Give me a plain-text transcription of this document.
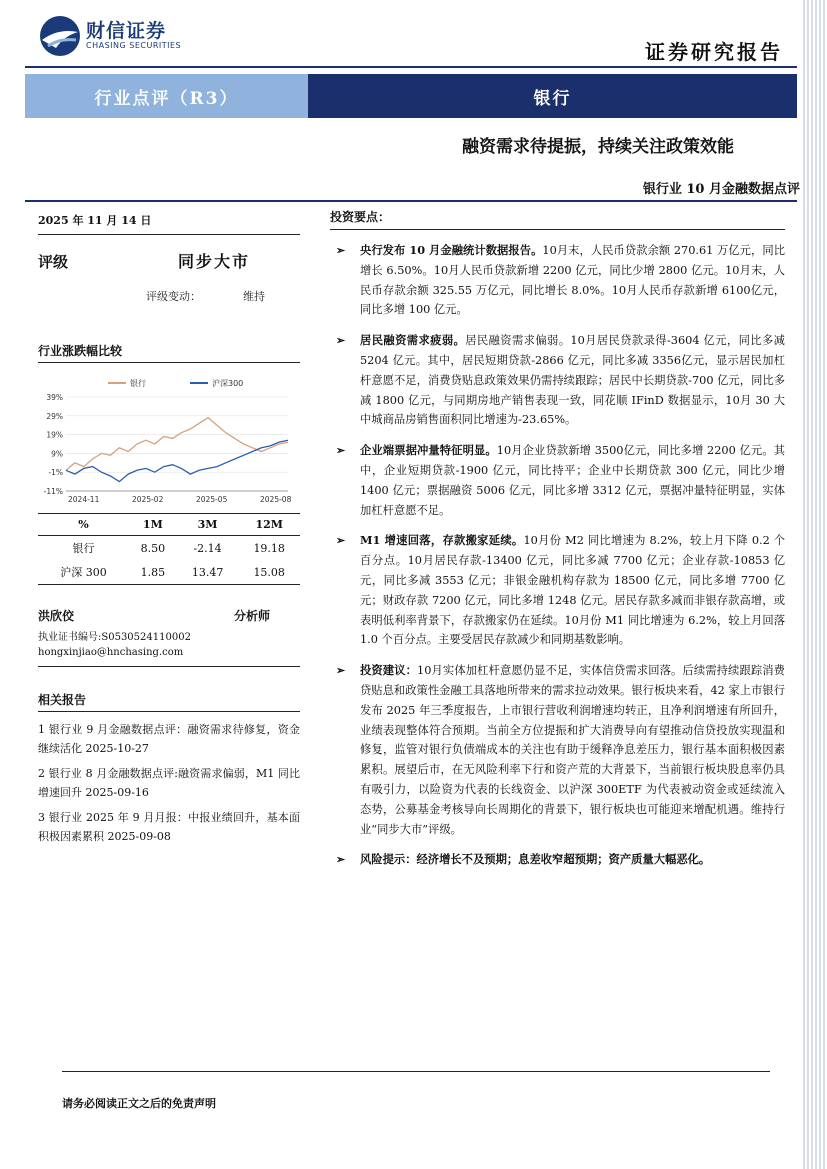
财信证券
CHASING SECURITIES	证券研究报告
行业点评（R3）	银行
融资需求待提振，持续关注政策效能
银行业 10 月金融数据点评
2025 年 11 月 14 日
评级	同步大市
评级变动：	维持
行业涨跌幅比较
银行	沪深300
39%
29%
19%
9%
-1%
-11%
2024-11	2025-02	2025-05	2025-08
%	1M	3M	12M
银行	8.50	-2.14	19.18
沪深 300	1.85	13.47	15.08
洪欣佼	分析师
执业证书编号:S0530524110002
hongxinjiao@hnchasing.com
相关报告

1 银行业 9 月金融数据点评：融资需求待修复，资金继续活化 2025-10-27

2 银行业 8 月金融数据点评:融资需求偏弱，M1 同比增速回升 2025-09-16

3 银行业 2025 年 9 月月报：中报业绩回升，基本面积极因素累积 2025-09-08

投资要点：
➢ 央行发布 10 月金融统计数据报告。10月末，人民币贷款余额 270.61 万亿元，同比增长 6.50%。10月人民币贷款新增 2200 亿元，同比少增 2800 亿元。10月末，人民币存款余额 325.55 万亿元，同比增长 8.0%。10月人民币存款新增 6100亿元，同比多增 100 亿元。
➢ 居民融资需求疲弱。居民融资需求偏弱。10月居民贷款录得-3604 亿元，同比多减 5204 亿元。其中，居民短期贷款-2866 亿元，同比多减 3356亿元，显示居民加杠杆意愿不足，消费贷贴息政策效果仍需持续跟踪；居民中长期贷款-700 亿元，同比多减 1800 亿元，与同期房地产销售表现一致，同花顺 IFinD 数据显示，10月 30 大中城商品房销售面积同比增速为-23.65%。
➢ 企业端票据冲量特征明显。10月企业贷款新增 3500亿元，同比多增 2200 亿元。其中，企业短期贷款-1900 亿元，同比持平；企业中长期贷款 300 亿元，同比少增 1400 亿元；票据融资 5006 亿元，同比多增 3312 亿元，票据冲量特征明显，实体加杠杆意愿不足。
➢ M1 增速回落，存款搬家延续。10月份 M2 同比增速为 8.2%，较上月下降 0.2 个百分点。10月居民存款-13400 亿元，同比多减 7700 亿元；企业存款-10853 亿元，同比多减 3553 亿元；非银金融机构存款为 18500 亿元，同比多增 7700 亿元；财政存款 7200 亿元，同比多增 1248 亿元。居民存款多减而非银存款高增，或表明低利率背景下，存款搬家仍在延续。10月份 M1 同比增速为 6.2%，较上月回落 1.0 个百分点。主要受居民存款减少和同期基数影响。
➢ 投资建议：10月实体加杠杆意愿仍显不足，实体信贷需求回落。后续需持续跟踪消费贷贴息和政策性金融工具落地所带来的需求拉动效果。银行板块来看，42 家上市银行发布 2025 年三季度报告，上市银行营收利润增速均转正，且净利润增速有所回升，业绩表现整体符合预期。当前全方位提振和扩大消费导向有望推动信贷投放实现温和修复，监管对银行负债端成本的关注也有助于缓释净息差压力，银行基本面积极因素累积。展望后市，在无风险利率下行和资产荒的大背景下，当前银行板块股息率仍具有吸引力，以险资为代表的长线资金、以沪深 300ETF 为代表被动资金或延续流入态势，公募基金考核导向长周期化的背景下，银行板块也可能迎来增配机遇。维持行业“同步大市”评级。
➢ 风险提示：经济增长不及预期；息差收窄超预期；资产质量大幅恶化。
请务必阅读正文之后的免责声明
